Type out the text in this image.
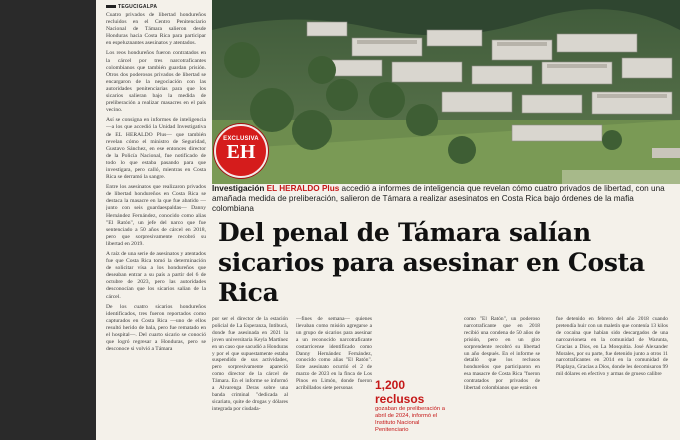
TEGUCIGALPA

Cuatro privados de libertad hondureños recluidos en el Centro Penitenciario Nacional de Támara salieron desde Honduras hacia Costa Rica para participar en espeluznantes asesinatos y atentados.

Los reos hondureños fueron contratados en la cárcel por tres narcotraficantes colombianos que también guardan prisión. Otros dos poderosos privados de libertad se encargaron de la negociación con las autoridades penitenciarias para que los sicarios salieran bajo la medida de preliberación a realizar masacres en el país vecino.

Así se consigna en informes de inteligencia —a los que accedió la Unidad Investigativa de EL HERALDO Plus— que también revelan cómo el ministro de Seguridad, Gustavo Sánchez, en ese entonces director de la Policía Nacional, fue notificado de todo lo que estaba pasando para que investigara, pero calló, mientras en Costa Rica se derramó la sangre.

Entre los asesinatos que realizaron privados de libertad hondureños en Costa Rica se destaca la masacre en la que fue abatido —junto con seis guardaespaldas— Danny Hernández Fernández, conocido como alias "El Ratón", un jefe del narco que fue sentenciado a 50 años de cárcel en 2018, pero que sorpresivamente recobró su libertad en 2019.

A raíz de una serie de asesinatos y atentados fue que Costa Rica tomó la determinación de solicitar vísa a los hondureños que deseaban entrar a su país a partir del 6 de octubre de 2023, pero las autoridades desconocían que los sicarios salían de la cárcel.

De los cuatro sicarios hondureños identificados, tres fueron reportados como capturados en Costa Rica —uno de ellos resultó herido de bala, pero fue rematado en el hospital—. Del cuarto sicario se conoció que logró regresar a Honduras, pero se desconoce si volvió a Támara

EXCLUSIVA
EH
Investigación EL HERALDO Plus accedió a informes de inteligencia que revelan cómo cuatro privados de libertad, con una amañada medida de preliberación, salieron de Támara a realizar asesinatos en Costa Rica bajo órdenes de la mafia colombiana
Del penal de Támara salían sicarios para asesinar en Costa Rica

por ser el director de la estación policial de La Esperanza, Intibucá, donde fue asesinada en 2021 la joven universitaria Keyla Martínez en un caso que sacudió a Honduras y por el que supuestamente estaba suspendido de sus actividades, pero sorpresivamente apareció como director de la cárcel de Támara. En el informe se informó a Alvarenga Deras sobre una banda criminal "dedicada al sicariato, quite de drogas y dólares integrada por ciudada-

—fines de semana— quienes llevaban como misión agregarse a un grupo de sicarios para asesinar a un reconocido narcotraficante costarricense identificado como Danny Hernández Fernández, conocido como alias "El Ratón". Este asesinato ocurrió el 2 de marzo de 2023 en la finca de Los Pinos en Limón, donde fueron acribillados siete personas

como "El Ratón", un poderoso narcotraficante que en 2018 recibió una condena de 50 años de prisión, pero en un giro sorprendente recobró su libertad un año después. En el informe se detalló que los reclusos hondureños que participaron en esa masacre de Costa Rica "fueron contratados por privados de libertad colombianos que están en

fue detenido en febrero del año 2018 cuando pretendía huir con un maletín que contenía 13 kilos de cocaína que habían sido descargados de una narcoavioneta en la comunidad de Warunta, Gracias a Dios, en La Mosquitia. José Alexander Morales, por su parte, fue detenido junto a otros 11 narcotraficantes en 2014 en la comunidad de Plaplaya, Gracias a Dios, donde les decomisaron 99 mil dólares en efectivo y armas de grueso calibre

1,200 reclusos
gozaban de preliberación a abril de 2024, informó el Instituto Nacional Penitenciario
